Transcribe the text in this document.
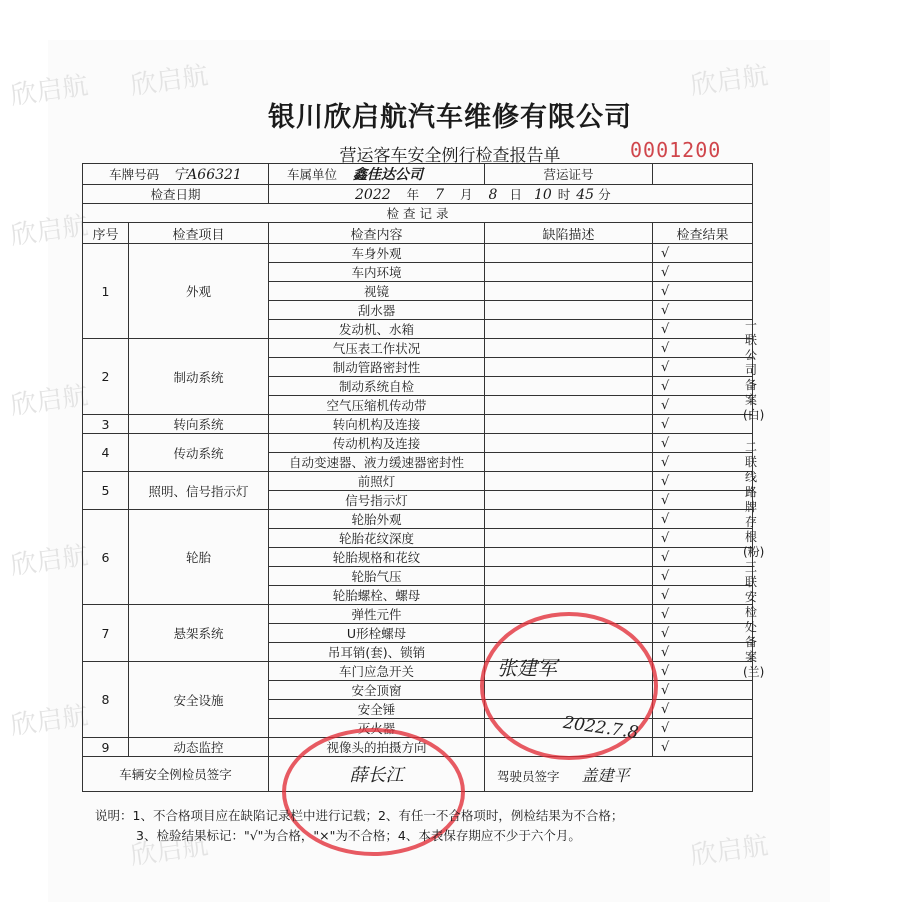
欣启航 欣启航	欣启航
欣启航
欣启航
欣启航
欣启航
欣启航	欣启航
银川欣启航汽车维修有限公司
营运客车安全例行检查报告单	0001200
车牌号码 宁A66321		车属单位 鑫佳达公司	营运证号	
检查日期		2022 年 7 月 8 日 10 时 45 分		
检 查 记 录				
序号	检查项目	检查内容	缺陷描述	检查结果
1	外观	车身外观		√
		车内环境		√
		视镜		√
		刮水器		√
		发动机、水箱		√
2	制动系统	气压表工作状况		√
		制动管路密封性		√
		制动系统自检		√
		空气压缩机传动带		√
3	转向系统	转向机构及连接		√
4	传动系统	传动机构及连接		√
		自动变速器、液力缓速器密封性		√
5	照明、信号指示灯	前照灯		√
		信号指示灯		√
6	轮胎	轮胎外观		√
		轮胎花纹深度		√
		轮胎规格和花纹		√
		轮胎气压		√
		轮胎螺栓、螺母		√
7	悬架系统	弹性元件		√
		U形栓螺母		√
		吊耳销(套)、锁销		√
8	安全设施	车门应急开关		√
		安全顶窗		√
		安全锤		√
		灭火器		√
9	动态监控	视像头的拍摄方向		√
车辆安全例检员签字		薛长江	驾驶员签字 盖建平	
张建军
2022.7.8
一联公司备案(白)
二联线路牌存根(粉)
三联安检处备案(兰)
说明：1、不合格项目应在缺陷记录栏中进行记载；2、有任一不合格项时，例检结果为不合格；
3、检验结果标记："√"为合格，"×"为不合格；4、本表保存期应不少于六个月。
